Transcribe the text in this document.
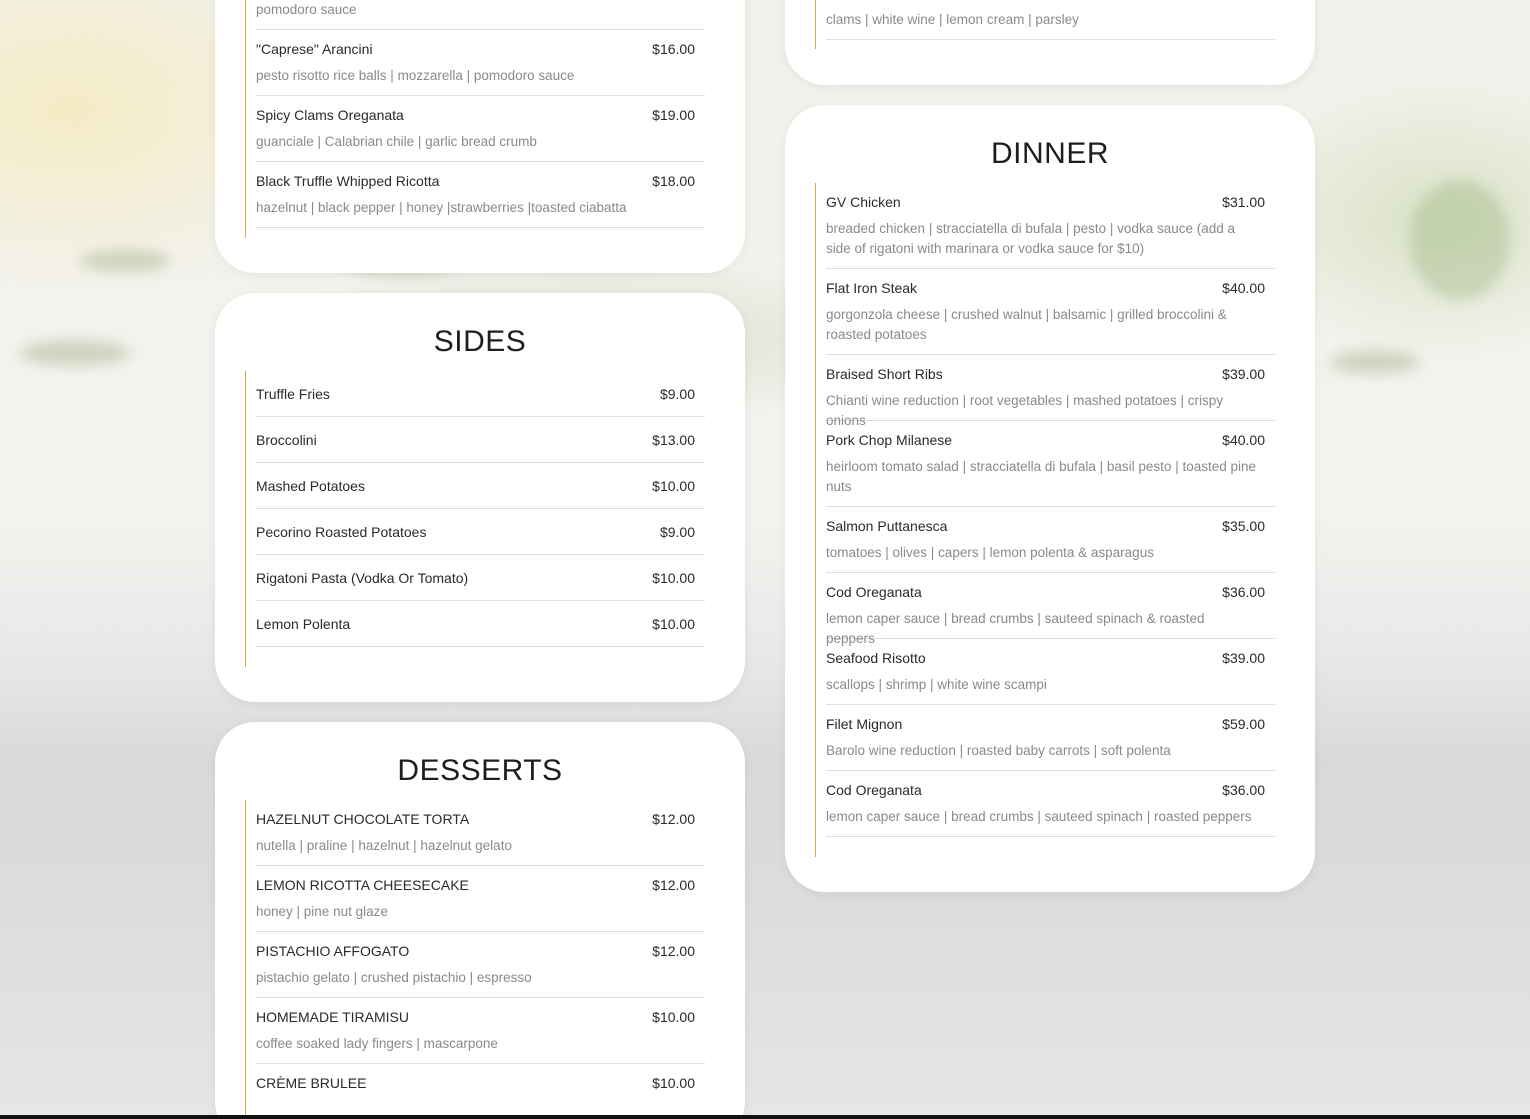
pomodoro sauce
"Caprese" Arancini	$16.00
pesto risotto rice balls | mozzarella | pomodoro sauce
Spicy Clams Oreganata	$19.00
guanciale | Calabrian chile | garlic bread crumb
Black Truffle Whipped Ricotta	$18.00
hazelnut | black pepper | honey |strawberries |toasted ciabatta
SIDES
Truffle Fries	$9.00
Broccolini	$13.00
Mashed Potatoes	$10.00
Pecorino Roasted Potatoes	$9.00
Rigatoni Pasta (Vodka Or Tomato)	$10.00
Lemon Polenta	$10.00
DESSERTS
HAZELNUT CHOCOLATE TORTA	$12.00
nutella | praline | hazelnut | hazelnut gelato
LEMON RICOTTA CHEESECAKE	$12.00
honey | pine nut glaze
PISTACHIO AFFOGATO	$12.00
pistachio gelato | crushed pistachio | espresso
HOMEMADE TIRAMISU	$10.00
coffee soaked lady fingers | mascarpone
CRÈME BRULEE	$10.00
clams | white wine | lemon cream | parsley
DINNER
GV Chicken	$31.00
breaded chicken | stracciatella di bufala | pesto | vodka sauce (add a side of rigatoni with marinara or vodka sauce for $10)
Flat Iron Steak	$40.00
gorgonzola cheese | crushed walnut | balsamic | grilled broccolini & roasted potatoes
Braised Short Ribs	$39.00
Chianti wine reduction | root vegetables | mashed potatoes | crispy onions
Pork Chop Milanese	$40.00
heirloom tomato salad | stracciatella di bufala | basil pesto | toasted pine nuts
Salmon Puttanesca	$35.00
tomatoes | olives | capers | lemon polenta & asparagus
Cod Oreganata	$36.00
lemon caper sauce | bread crumbs | sauteed spinach & roasted peppers
Seafood Risotto	$39.00
scallops | shrimp | white wine scampi
Filet Mignon	$59.00
Barolo wine reduction | roasted baby carrots | soft polenta
Cod Oreganata	$36.00
lemon caper sauce | bread crumbs | sauteed spinach | roasted peppers
